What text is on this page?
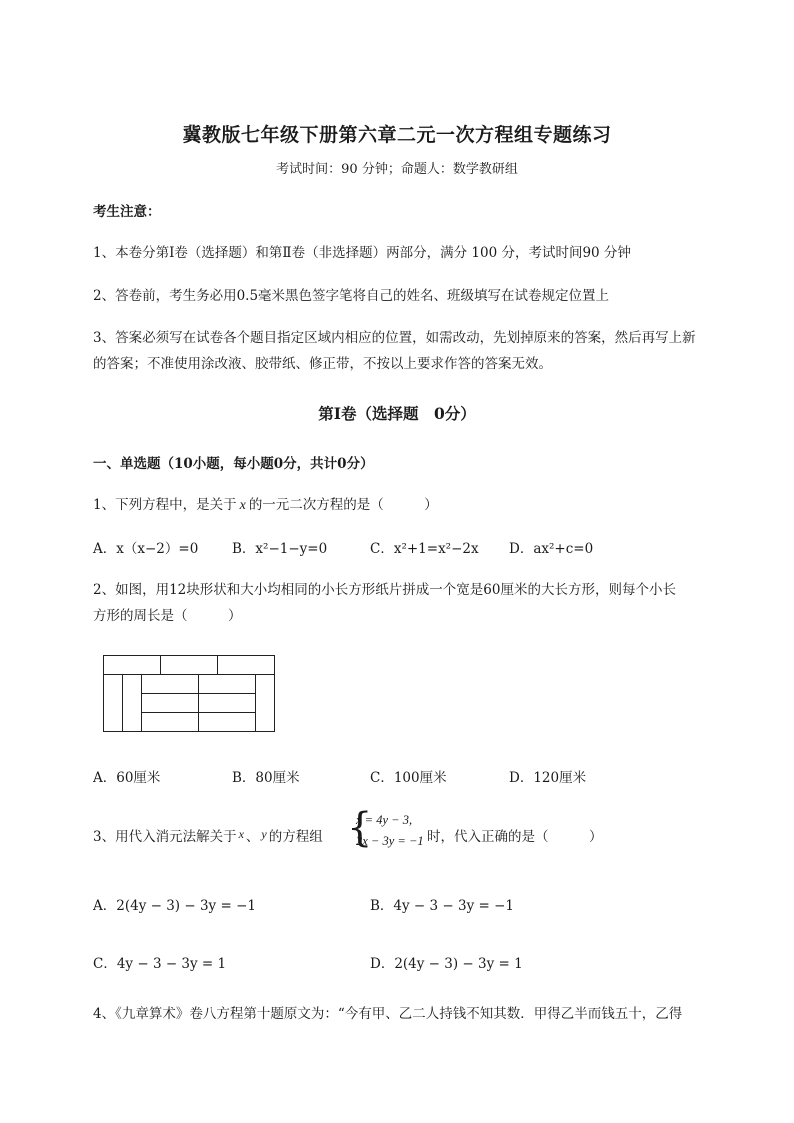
冀教版七年级下册第六章二元一次方程组专题练习
考试时间：90 分钟；命题人：数学教研组
考生注意：
1、本卷分第Ⅰ卷（选择题）和第Ⅱ卷（非选择题）两部分，满分 100 分，考试时间90 分钟
2、答卷前，考生务必用0.5毫米黑色签字笔将自己的姓名、班级填写在试卷规定位置上
3、答案必须写在试卷各个题目指定区域内相应的位置，如需改动，先划掉原来的答案，然后再写上新
的答案；不准使用涂改液、胶带纸、修正带，不按以上要求作答的答案无效。
第Ⅰ卷（选择题　0分）
一、单选题（10小题，每小题0分，共计0分）
1、下列方程中，是关于 x 的一元二次方程的是（　　　）
A．x（x−2）=0 B．x²−1−y=0	C．x²+1=x²−2x D．ax²+c=0
2、如图，用12块形状和大小均相同的小长方形纸片拼成一个宽是60厘米的大长方形，则每个小长
方形的周长是（　　　）
A．60厘米	B．80厘米	C．100厘米	D．120厘米
3、用代入消元法解关于 x 、 y 的方程组 {
x = 4y − 3,
2x − 3y = −1 时，代入正确的是（　　　）
A．2(4y − 3) − 3y = −1	B．4y − 3 − 3y = −1
C．4y − 3 − 3y = 1	D．2(4y − 3) − 3y = 1
4、《九章算术》卷八方程第十题原文为：“今有甲、乙二人持钱不知其数．甲得乙半而钱五十，乙得
